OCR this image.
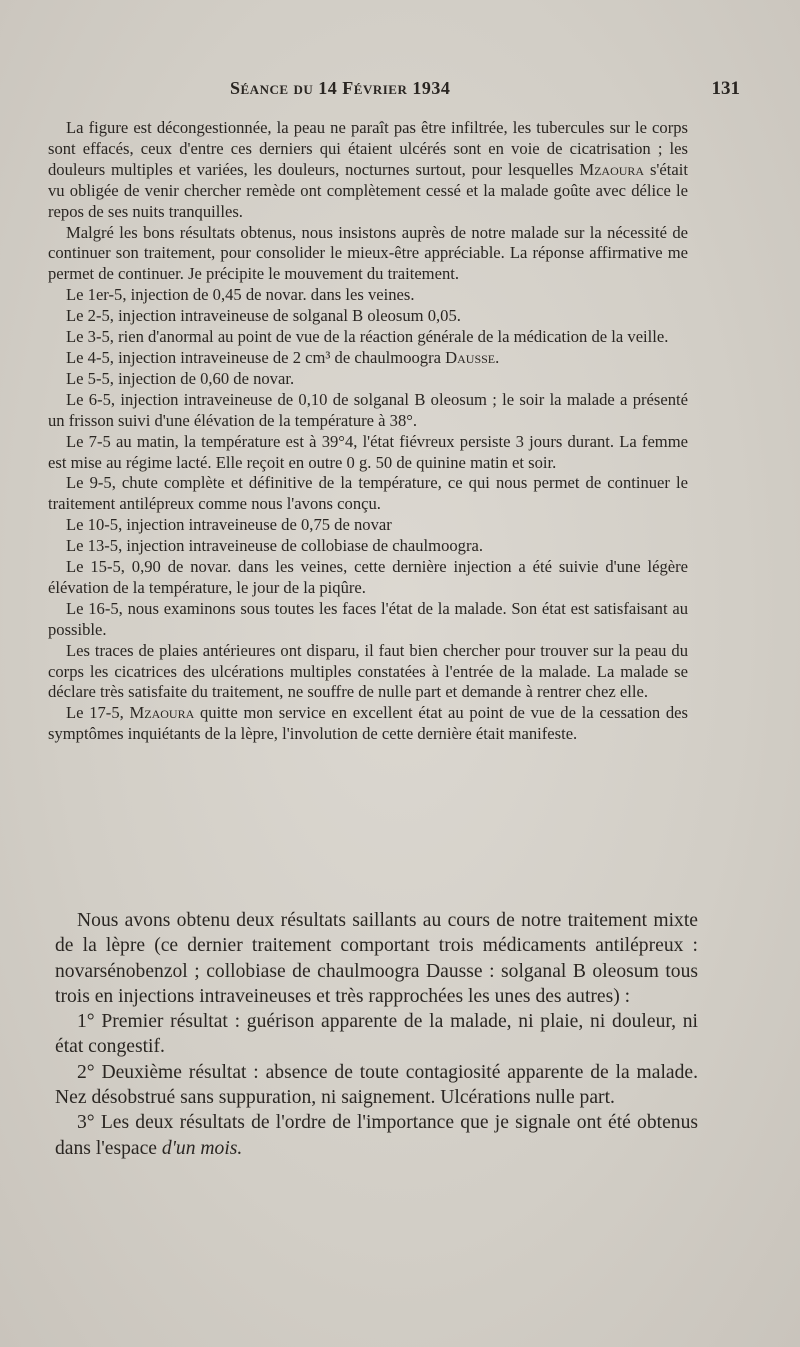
Séance du 14 Février 1934	131

La figure est décongestionnée, la peau ne paraît pas être infiltrée, les tubercules sur le corps sont effacés, ceux d'entre ces derniers qui étaient ulcérés sont en voie de cicatrisation ; les douleurs multiples et variées, les douleurs, nocturnes surtout, pour lesquelles Mzaoura s'était vu obligée de venir chercher remède ont complètement cessé et la malade goûte avec délice le repos de ses nuits tranquilles.

Malgré les bons résultats obtenus, nous insistons auprès de notre malade sur la nécessité de continuer son traitement, pour consolider le mieux-être appréciable. La réponse affirmative me permet de continuer. Je précipite le mouvement du traitement.

Le 1er-5, injection de 0,45 de novar. dans les veines.

Le 2-5, injection intraveineuse de solganal B oleosum 0,05.

Le 3-5, rien d'anormal au point de vue de la réaction générale de la médication de la veille.

Le 4-5, injection intraveineuse de 2 cm³ de chaulmoogra Dausse.

Le 5-5, injection de 0,60 de novar.

Le 6-5, injection intraveineuse de 0,10 de solganal B oleosum ; le soir la malade a présenté un frisson suivi d'une élévation de la température à 38°.

Le 7-5 au matin, la température est à 39°4, l'état fiévreux persiste 3 jours durant. La femme est mise au régime lacté. Elle reçoit en outre 0 g. 50 de quinine matin et soir.

Le 9-5, chute complète et définitive de la température, ce qui nous permet de continuer le traitement antilépreux comme nous l'avons conçu.

Le 10-5, injection intraveineuse de 0,75 de novar

Le 13-5, injection intraveineuse de collobiase de chaulmoogra.

Le 15-5, 0,90 de novar. dans les veines, cette dernière injection a été suivie d'une légère élévation de la température, le jour de la piqûre.

Le 16-5, nous examinons sous toutes les faces l'état de la malade. Son état est satisfaisant au possible.

Les traces de plaies antérieures ont disparu, il faut bien chercher pour trouver sur la peau du corps les cicatrices des ulcérations multiples constatées à l'entrée de la malade. La malade se déclare très satisfaite du traitement, ne souffre de nulle part et demande à rentrer chez elle.

Le 17-5, Mzaoura quitte mon service en excellent état au point de vue de la cessation des symptômes inquiétants de la lèpre, l'involution de cette dernière était manifeste.

Nous avons obtenu deux résultats saillants au cours de notre traitement mixte de la lèpre (ce dernier traitement comportant trois médicaments antilépreux : novarsénobenzol ; collobiase de chaulmoogra Dausse : solganal B oleosum tous trois en injections intraveineuses et très rapprochées les unes des autres) :

1° Premier résultat : guérison apparente de la malade, ni plaie, ni douleur, ni état congestif.

2° Deuxième résultat : absence de toute contagiosité apparente de la malade. Nez désobstrué sans suppuration, ni saignement. Ulcérations nulle part.

3° Les deux résultats de l'ordre de l'importance que je signale ont été obtenus dans l'espace d'un mois.
